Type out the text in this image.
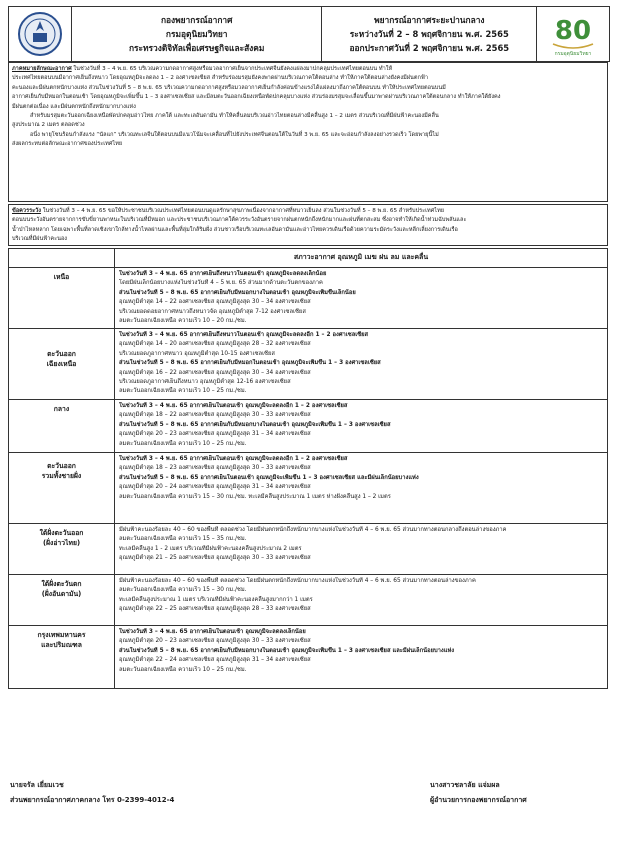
กองพยากรณ์อากาศ
กรมอุตุนิยมวิทยา
กระทรวงดิจิทัลเพื่อเศรษฐกิจและสังคม
พยากรณ์อากาศระยะปานกลาง
ระหว่างวันที่ 2 – 8 พฤศจิกายน พ.ศ. 2565
ออกประกาศวันที่ 2 พฤศจิกายน พ.ศ. 2565
80
กรมอุตุนิยมวิทยา

ภาคหมายลักษณะอากาศ ในช่วงวันที่ 3 – 4 พ.ย. 65 บริเวณความกดอากาศสูงหรือมวลอากาศเย็นจากประเทศจีนยังคงแผ่ลงมาปกคลุมประเทศไทยตอนบน ทำให้

ประเทศไทยตอนบนมีอากาศเย็นถึงหนาว โดยอุณหภูมิจะลดลง 1 – 2 องศาเซลเซียส สำหรับร่องมรสุมยังคงพาดผ่านบริเวณภาคใต้ตอนล่าง ทำให้ภาคใต้ตอนล่างยังคงมีฝนตกฟ้า

คะนองและมีฝนตกหนักบางแห่ง ส่วนในช่วงวันที่ 5 – 8 พ.ย. 65 บริเวณความกดอากาศสูงหรือมวลอากาศเย็นกำลังค่อนข้างแรงได้แผ่ลงมาถึงภาคใต้ตอนบน ทำให้ประเทศไทยตอนบนมี

อากาศเย็นกับมีหมอกในตอนเช้า โดยอุณหภูมิจะเพิ่มขึ้น 1 – 3 องศาเซลเซียส และมีลมตะวันออกเฉียงเหนือพัดปกคลุมบางแห่ง ส่วนร่องมรสุมจะเลื่อนขึ้นมาพาดผ่านบริเวณภาคใต้ตอนกลาง ทำให้ภาคใต้ยังคง

มีฝนตกต่อเนื่อง และมีฝนตกหนักถึงหนักมากบางแห่ง

สำหรับมรสุมตะวันออกเฉียงเหนือพัดปกคลุมอ่าวไทย ภาคใต้ และทะเลอันดามัน ทำให้คลื่นลมบริเวณอ่าวไทยตอนล่างมีคลื่นสูง 1 – 2 เมตร ส่วนบริเวณที่มีฝนฟ้าคะนองมีคลื่น

สูงประมาณ 2 เมตร ตลอดช่วง

อนึ่ง พายุโซนร้อนกำลังแรง “นัลแก” บริเวณทะเลจีนใต้ตอนบนมีแนวโน้มจะเคลื่อนที่ไปยังประเทศจีนตอนใต้ในวันที่ 3 พ.ย. 65 และจะอ่อนกำลังลงอย่างรวดเร็ว โดยพายุนี้ไม่

ส่งผลกระทบต่อลักษณะอากาศของประเทศไทย

ข้อควรระวัง ในช่วงวันที่ 3 – 4 พ.ย. 65 ขอให้ประชาชนบริเวณประเทศไทยตอนบนดูแลรักษาสุขภาพเนื่องจากอากาศที่หนาวเย็นลง ส่วนในช่วงวันที่ 5 – 8 พ.ย. 65 สำหรับประเทศไทย

ตอนบนระวังอันตรายจากการขับขี่ยานพาหนะในบริเวณที่มีหมอก และประชาชนบริเวณภาคใต้ควรระวังอันตรายจากฝนตกหนักถึงหนักมากและฝนที่ตกสะสม ซึ่งอาจทำให้เกิดน้ำท่วมฉับพลันและ

น้ำป่าไหลหลาก โดยเฉพาะพื้นที่ลาดเชิงเขาใกล้ทางน้ำไหลผ่านและพื้นที่ลุ่มใกล้ริมฝั่ง ส่วนชาวเรือบริเวณทะเลอันดามันและอ่าวไทยควรเดินเรือด้วยความระมัดระวังและหลีกเลี่ยงการเดินเรือ

บริเวณที่มีฝนฟ้าคะนอง

สภาวะอากาศ อุณหภูมิ เมฆ ฝน ลม และคลื่น
เหนือ	ในช่วงวันที่ 3 – 4 พ.ย. 65 อากาศเย็นถึงหนาวในตอนเช้า อุณหภูมิจะลดลงเล็กน้อย
โดยมีฝนเล็กน้อยบางแห่งในช่วงวันที่ 4 – 5 พ.ย. 65 ส่วนมากด้านตะวันตกของภาค
ส่วนในช่วงวันที่ 5 – 8 พ.ย. 65 อากาศเย็นกับมีหมอกบางในตอนเช้า อุณหภูมิจะเพิ่มขึ้นเล็กน้อย
อุณหภูมิต่ำสุด 14 – 22 องศาเซลเซียส อุณหภูมิสูงสุด 30 – 34 องศาเซลเซียส
บริเวณยอดดอยอากาศหนาวถึงหนาวจัด อุณหภูมิต่ำสุด 7-12 องศาเซลเซียส
ลมตะวันออกเฉียงเหนือ ความเร็ว 10 – 20 กม./ชม.
ตะวันออก
เฉียงเหนือ
ในช่วงวันที่ 3 – 4 พ.ย. 65 อากาศเย็นถึงหนาวในตอนเช้า อุณหภูมิจะลดลงอีก 1 – 2 องศาเซลเซียส
อุณหภูมิต่ำสุด 14 – 20 องศาเซลเซียส อุณหภูมิสูงสุด 28 – 32 องศาเซลเซียส
บริเวณยอดภูอากาศหนาว อุณหภูมิต่ำสุด 10-15 องศาเซลเซียส
ส่วนในช่วงวันที่ 5 – 8 พ.ย. 65 อากาศเย็นกับมีหมอกในตอนเช้า อุณหภูมิจะเพิ่มขึ้น 1 – 3 องศาเซลเซียส
อุณหภูมิต่ำสุด 16 – 22 องศาเซลเซียส อุณหภูมิสูงสุด 30 – 34 องศาเซลเซียส
บริเวณยอดภูอากาศเย็นถึงหนาว อุณหภูมิต่ำสุด 12-16 องศาเซลเซียส
ลมตะวันออกเฉียงเหนือ ความเร็ว 10 – 25 กม./ชม.
กลาง	ในช่วงวันที่ 3 – 4 พ.ย. 65 อากาศเย็นในตอนเช้า อุณหภูมิจะลดลงอีก 1 – 2 องศาเซลเซียส
อุณหภูมิต่ำสุด 18 – 22 องศาเซลเซียส อุณหภูมิสูงสุด 30 – 33 องศาเซลเซียส
ส่วนในช่วงวันที่ 5 – 8 พ.ย. 65 อากาศเย็นกับมีหมอกบางในตอนเช้า อุณหภูมิจะเพิ่มขึ้น 1 – 3 องศาเซลเซียส
อุณหภูมิต่ำสุด 20 – 23 องศาเซลเซียส อุณหภูมิสูงสุด 31 – 34 องศาเซลเซียส
ลมตะวันออกเฉียงเหนือ ความเร็ว 10 – 25 กม./ชม.
ตะวันออก
รวมทั้งชายฝั่ง
ในช่วงวันที่ 3 – 4 พ.ย. 65 อากาศเย็นในตอนเช้า อุณหภูมิจะลดลงอีก 1 – 2 องศาเซลเซียส
อุณหภูมิต่ำสุด 18 – 23 องศาเซลเซียส อุณหภูมิสูงสุด 30 – 33 องศาเซลเซียส
ส่วนในช่วงวันที่ 5 – 8 พ.ย. 65 อากาศเย็นในตอนเช้า อุณหภูมิจะเพิ่มขึ้น 1 – 3 องศาเซลเซียส และมีฝนเล็กน้อยบางแห่ง
อุณหภูมิต่ำสุด 20 – 24 องศาเซลเซียส อุณหภูมิสูงสุด 31 – 34 องศาเซลเซียส
ลมตะวันออกเฉียงเหนือ ความเร็ว 15 – 30 กม./ชม. ทะเลมีคลื่นสูงประมาณ 1 เมตร ห่างฝั่งคลื่นสูง 1 – 2 เมตร
ใต้ฝั่งตะวันออก
(ฝั่งอ่าวไทย)
มีฝนฟ้าคะนองร้อยละ 40 – 60 ของพื้นที่ ตลอดช่วง โดยมีฝนตกหนักถึงหนักมากบางแห่งในช่วงวันที่ 4 – 6 พ.ย. 65 ส่วนมากทางตอนกลางถึงตอนล่างของภาค
ลมตะวันออกเฉียงเหนือ ความเร็ว 15 – 35 กม./ชม.
ทะเลมีคลื่นสูง 1 - 2 เมตร บริเวณที่มีฝนฟ้าคะนองคลื่นสูงประมาณ 2 เมตร
อุณหภูมิต่ำสุด 21 – 25 องศาเซลเซียส อุณหภูมิสูงสุด 30 – 33 องศาเซลเซียส
ใต้ฝั่งตะวันตก
(ฝั่งอันดามัน)
มีฝนฟ้าคะนองร้อยละ 40 – 60 ของพื้นที่ ตลอดช่วง โดยมีฝนตกหนักถึงหนักมากบางแห่งในช่วงวันที่ 4 – 6 พ.ย. 65 ส่วนมากทางตอนล่างของภาค
ลมตะวันออกเฉียงเหนือ ความเร็ว 15 – 30 กม./ชม.
ทะเลมีคลื่นสูงประมาณ 1 เมตร บริเวณที่มีฝนฟ้าคะนองคลื่นสูงมากกว่า 1 เมตร
อุณหภูมิต่ำสุด 22 – 25 องศาเซลเซียส อุณหภูมิสูงสุด 28 – 33 องศาเซลเซียส
กรุงเทพมหานคร
และปริมณฑล
ในช่วงวันที่ 3 – 4 พ.ย. 65 อากาศเย็นในตอนเช้า อุณหภูมิจะลดลงเล็กน้อย
อุณหภูมิต่ำสุด 20 – 23 องศาเซลเซียส อุณหภูมิสูงสุด 30 – 33 องศาเซลเซียส
ส่วนในช่วงวันที่ 5 – 8 พ.ย. 65 อากาศเย็นกับมีหมอกบางในตอนเช้า อุณหภูมิจะเพิ่มขึ้น 1 – 3 องศาเซลเซียส และมีฝนเล็กน้อยบางแห่ง
อุณหภูมิต่ำสุด 22 – 24 องศาเซลเซียส อุณหภูมิสูงสุด 31 – 34 องศาเซลเซียส
ลมตะวันออกเฉียงเหนือ ความเร็ว 10 – 25 กม./ชม.
นายจรัล เยี่ยมเวช
ส่วนพยากรณ์อากาศภาคกลาง โทร 0-2399-4012-4
นางสาวชลาลัย แจ่มผล
ผู้อำนวยการกองพยากรณ์อากาศ
